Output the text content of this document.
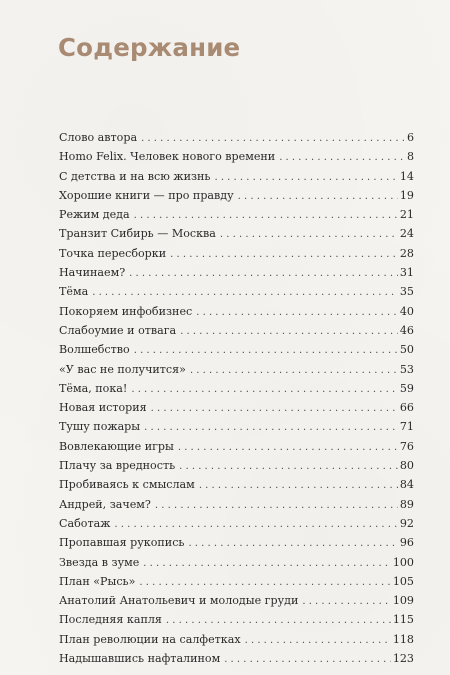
Содержание
Слово автора . . .	6
Homo Felix. Человек нового времени . . .	8
С детства и на всю жизнь . . .	14
Хорошие книги — про правду . . .	19
Режим деда . . .	21
Транзит Сибирь — Москва . . .	24
Точка пересборки . . .	28
Начинаем? . . .	31
Тёма . . .	35
Покоряем инфобизнес . . .	40
Слабоумие и отвага . . .	46
Волшебство . . .	50
«У вас не получится» . . .	53
Тёма, пока! . . .	59
Новая история . . .	66
Тушу пожары . . .	71
Вовлекающие игры . . .	76
Плачу за вредность . . .	80
Пробиваясь к смыслам . . .	84
Андрей, зачем? . . .	89
Саботаж . . .	92
Пропавшая рукопись . . .	96
Звезда в зуме . . .	100
План «Рысь» . . .	105
Анатолий Анатольевич и молодые груди . . .	109
Последняя капля . . .	115
План революции на салфетках . . .	118
Надышавшись нафталином . . .	123
